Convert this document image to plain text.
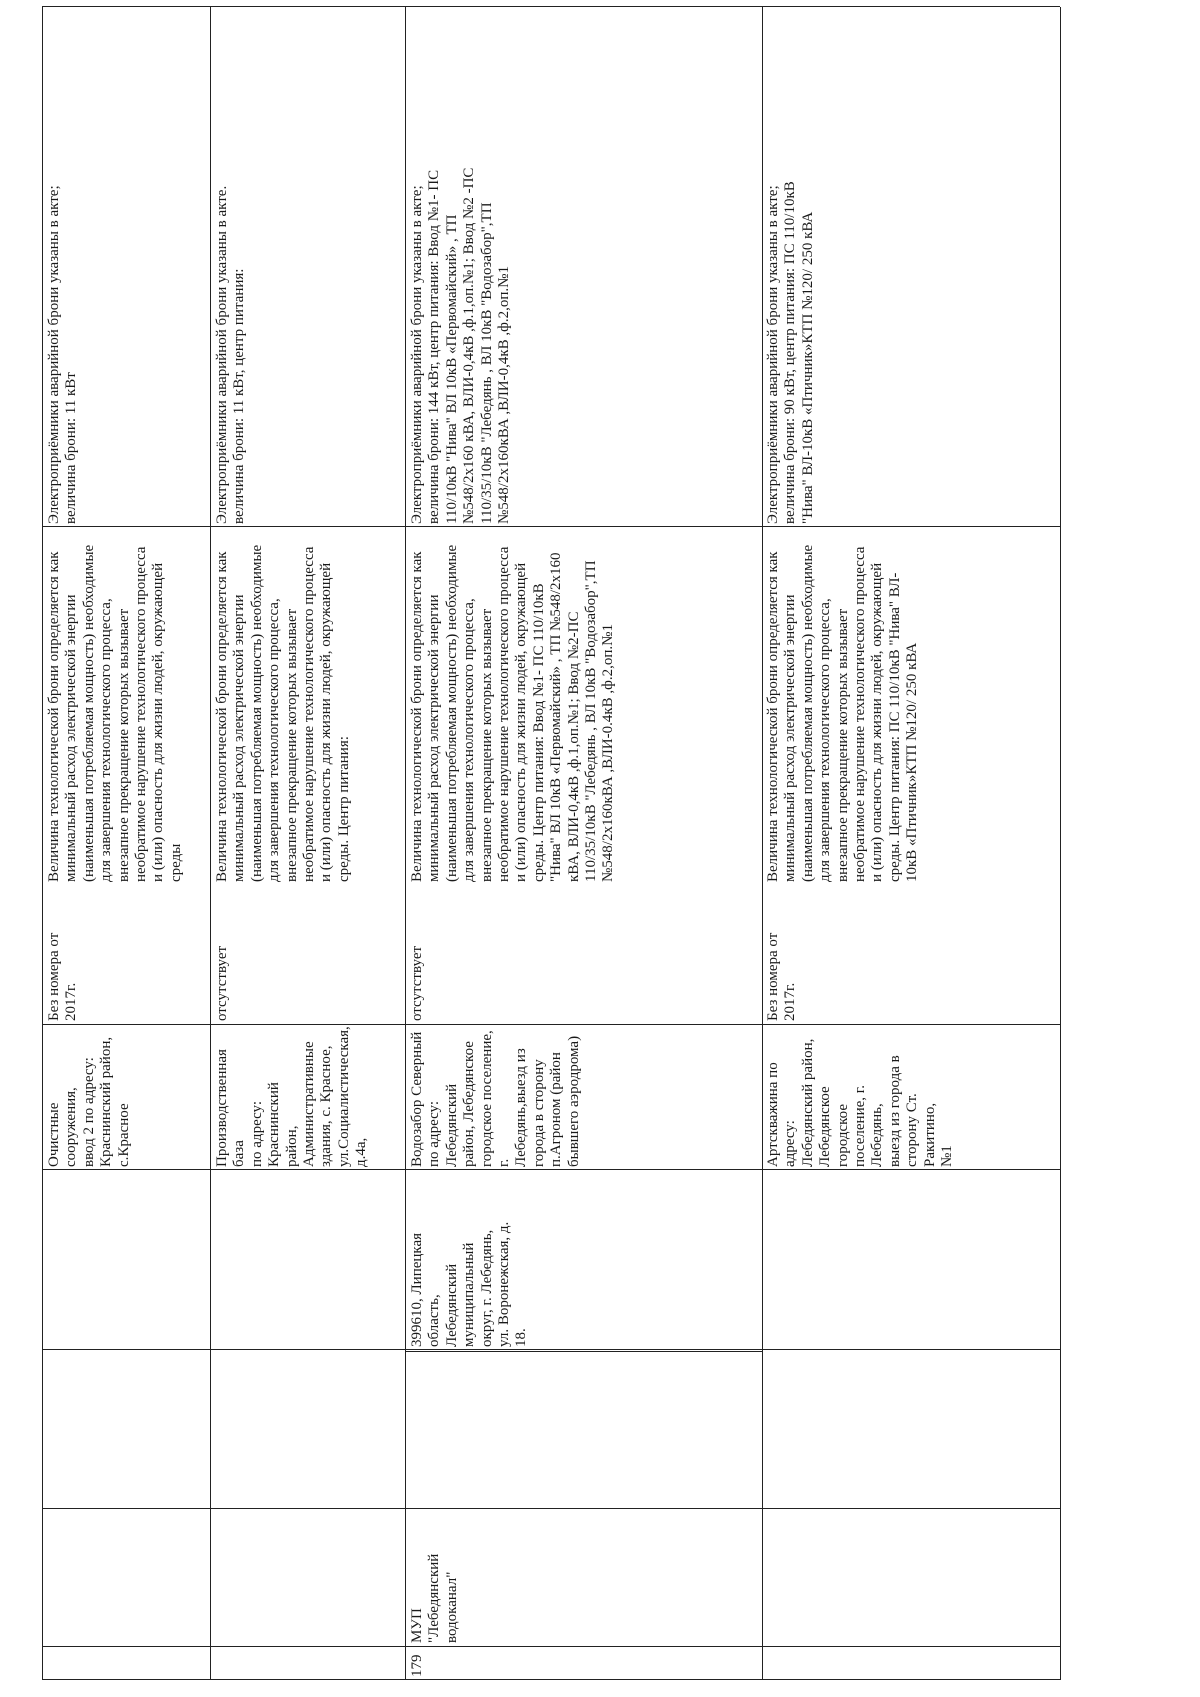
Очистные сооружения,
ввод 2 по адресу:
Краснинский район,
с.Красное
Без номера от
2017г.
Величина технологической брони определяется как
минимальный расход электрической энергии
(наименьшая потребляемая мощность) необходимые
для завершения технологического процесса,
внезапное прекращение которых вызывает
необратимое нарушение технологического процесса
и (или) опасность для жизни людей, окружающей
среды
Электроприёмники аварийной брони указаны в акте;
величина брони: 11 кВт
Производственная база
по адресу: Краснинский
район,
Административные
здания, с. Красное,
ул.Социалистическая,
д.4а,
отсутствует
Величина технологической брони определяется как
минимальный расход электрической энергии
(наименьшая потребляемая мощность) необходимые
для завершения технологического процесса,
внезапное прекращение которых вызывает
необратимое нарушение технологического процесса
и (или) опасность для жизни людей, окружающей
среды. Центр питания:
Электроприёмники аварийной брони указаны в акте.
величина брони: 11 кВт, центр питания:
179
МУП
"Лебедянский
водоканал"
399610, Липецкая
область,
Лебедянский
муниципальный
округ, г. Лебедянь,
ул. Воронежская, д.
18.
Водозабор Северный
по адресу: Лебедянский
район, Лебедянское
городское поселение, г.
Лебедянь,выезд из
города в сторону
п.Агроном (район
бывшего аэродрома)
отсутствует
Величина технологической брони определяется как
минимальный расход электрической энергии
(наименьшая потребляемая мощность) необходимые
для завершения технологического процесса,
внезапное прекращение которых вызывает
необратимое нарушение технологического процесса
и (или) опасность для жизни людей, окружающей
среды. Центр питания: Ввод №1- ПС 110/10кВ
"Нива" ВЛ 10кВ «Первомайский» , ТП №548/2х160
кВА, ВЛИ-0,4кВ ,ф.1,оп.№1; Ввод №2-ПС
110/35/10кВ "Лебедянь , ВЛ 10кВ "Водозабор",ТП
№548/2х160кВА ,ВЛИ-0.4кВ ,ф.2,оп.№1
Электроприёмники аварийной брони указаны в акте;
величина брони: 144 кВт, центр питания: Ввод №1- ПС
110/10кВ "Нива" ВЛ 10кВ «Первомайский» , ТП
№548/2х160 кВА, ВЛИ-0,4кВ ,ф.1,оп.№1; Ввод №2 -ПС
110/35/10кВ "Лебедянь , ВЛ 10кВ "Водозабор",ТП
№548/2х160кВА ,ВЛИ-0,4кВ ,ф.2,оп.№1
Артскважина по адресу:
Лебедянский район,
Лебедянское городское
поселение, г. Лебедянь,
выезд из города в
сторону Ст. Ракитино,
№1
Без номера от
2017г.
Величина технологической брони определяется как
минимальный расход электрической энергии
(наименьшая потребляемая мощность) необходимые
для завершения технологического процесса,
внезапное прекращение которых вызывает
необратимое нарушение технологического процесса
и (или) опасность для жизни людей, окружающей
среды. Центр питания: ПС 110/10кВ "Нива" ВЛ-
10кВ «Птичник»КТП №120/ 250 кВА
Электроприёмники аварийной брони указаны в акте;
величина брони: 90 кВт, центр питания: ПС 110/10кВ
"Нива" ВЛ-10кВ «Птичник»КТП №120/ 250 кВА
